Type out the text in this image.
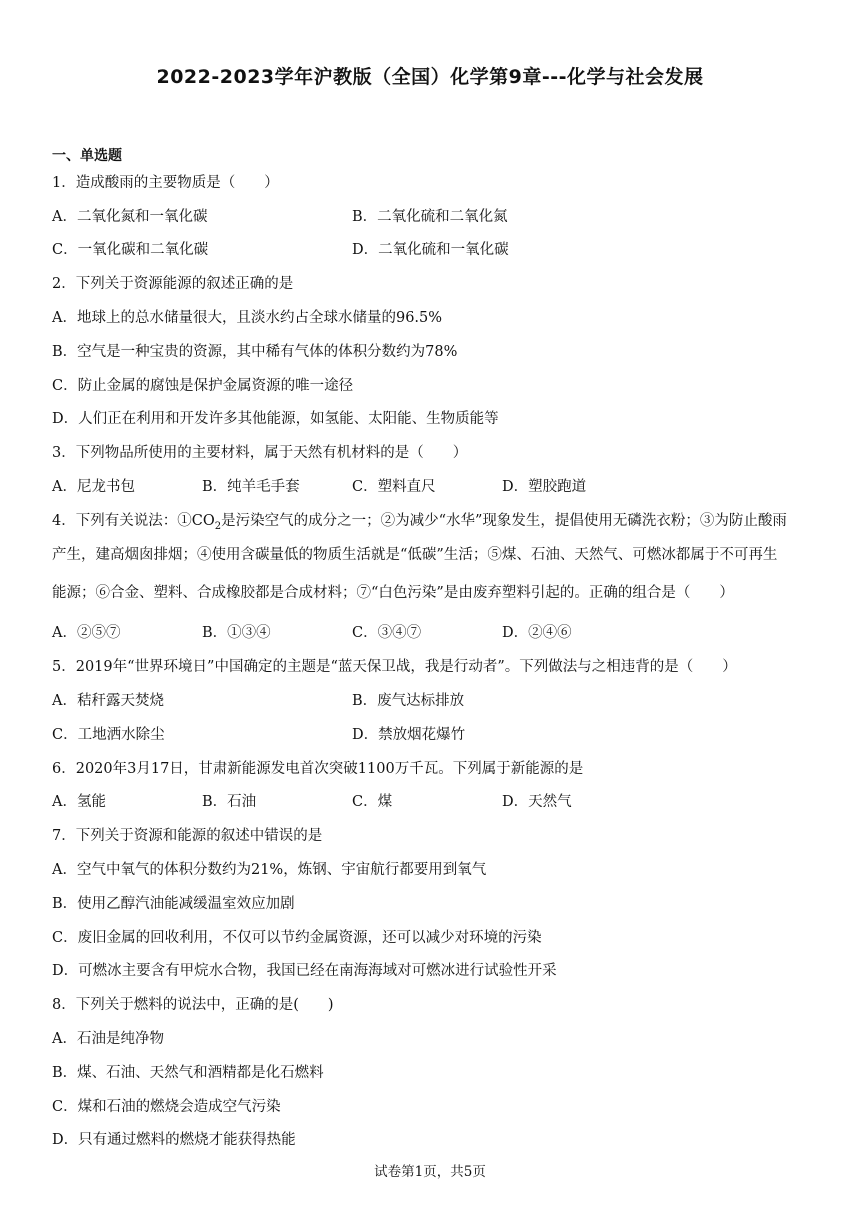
2022-2023学年沪教版（全国）化学第9章---化学与社会发展
一、单选题
1．造成酸雨的主要物质是（　　）
A．二氧化氮和一氧化碳	B．二氧化硫和二氧化氮
C．一氧化碳和二氧化碳	D．二氧化硫和一氧化碳
2．下列关于资源能源的叙述正确的是
A．地球上的总水储量很大，且淡水约占全球水储量的96.5%
B．空气是一种宝贵的资源，其中稀有气体的体积分数约为78%
C．防止金属的腐蚀是保护金属资源的唯一途径
D．人们正在利用和开发许多其他能源，如氢能、太阳能、生物质能等
3．下列物品所使用的主要材料，属于天然有机材料的是（　　）
A．尼龙书包	B．纯羊毛手套	C．塑料直尺	D．塑胶跑道
4．下列有关说法：$①CO_2$是污染空气的成分之一；②为减少“水华”现象发生，提倡使用无磷洗衣粉；③为防止酸雨
产生，建高烟囱排烟；④使用含碳量低的物质生活就是“低碳”生活；⑤煤、石油、天然气、可燃冰都属于不可再生
能源；⑥合金、塑料、合成橡胶都是合成材料；⑦“白色污染”是由废弃塑料引起的。正确的组合是（　　）
A．②⑤⑦	B．①③④	C．③④⑦	D．②④⑥
5．2019年“世界环境日”中国确定的主题是“蓝天保卫战，我是行动者”。下列做法与之相违背的是（　　）
A．秸秆露天焚烧	B．废气达标排放
C．工地洒水除尘	D．禁放烟花爆竹
6．2020年3月17日，甘肃新能源发电首次突破1100万千瓦。下列属于新能源的是
A．氢能	B．石油	C．煤	D．天然气
7．下列关于资源和能源的叙述中错误的是
A．空气中氧气的体积分数约为21%，炼钢、宇宙航行都要用到氧气
B．使用乙醇汽油能减缓温室效应加剧
C．废旧金属的回收利用，不仅可以节约金属资源，还可以减少对环境的污染
D．可燃冰主要含有甲烷水合物，我国已经在南海海域对可燃冰进行试验性开采
8．下列关于燃料的说法中，正确的是(　　)
A．石油是纯净物
B．煤、石油、天然气和酒精都是化石燃料
C．煤和石油的燃烧会造成空气污染
D．只有通过燃料的燃烧才能获得热能
试卷第1页，共5页
